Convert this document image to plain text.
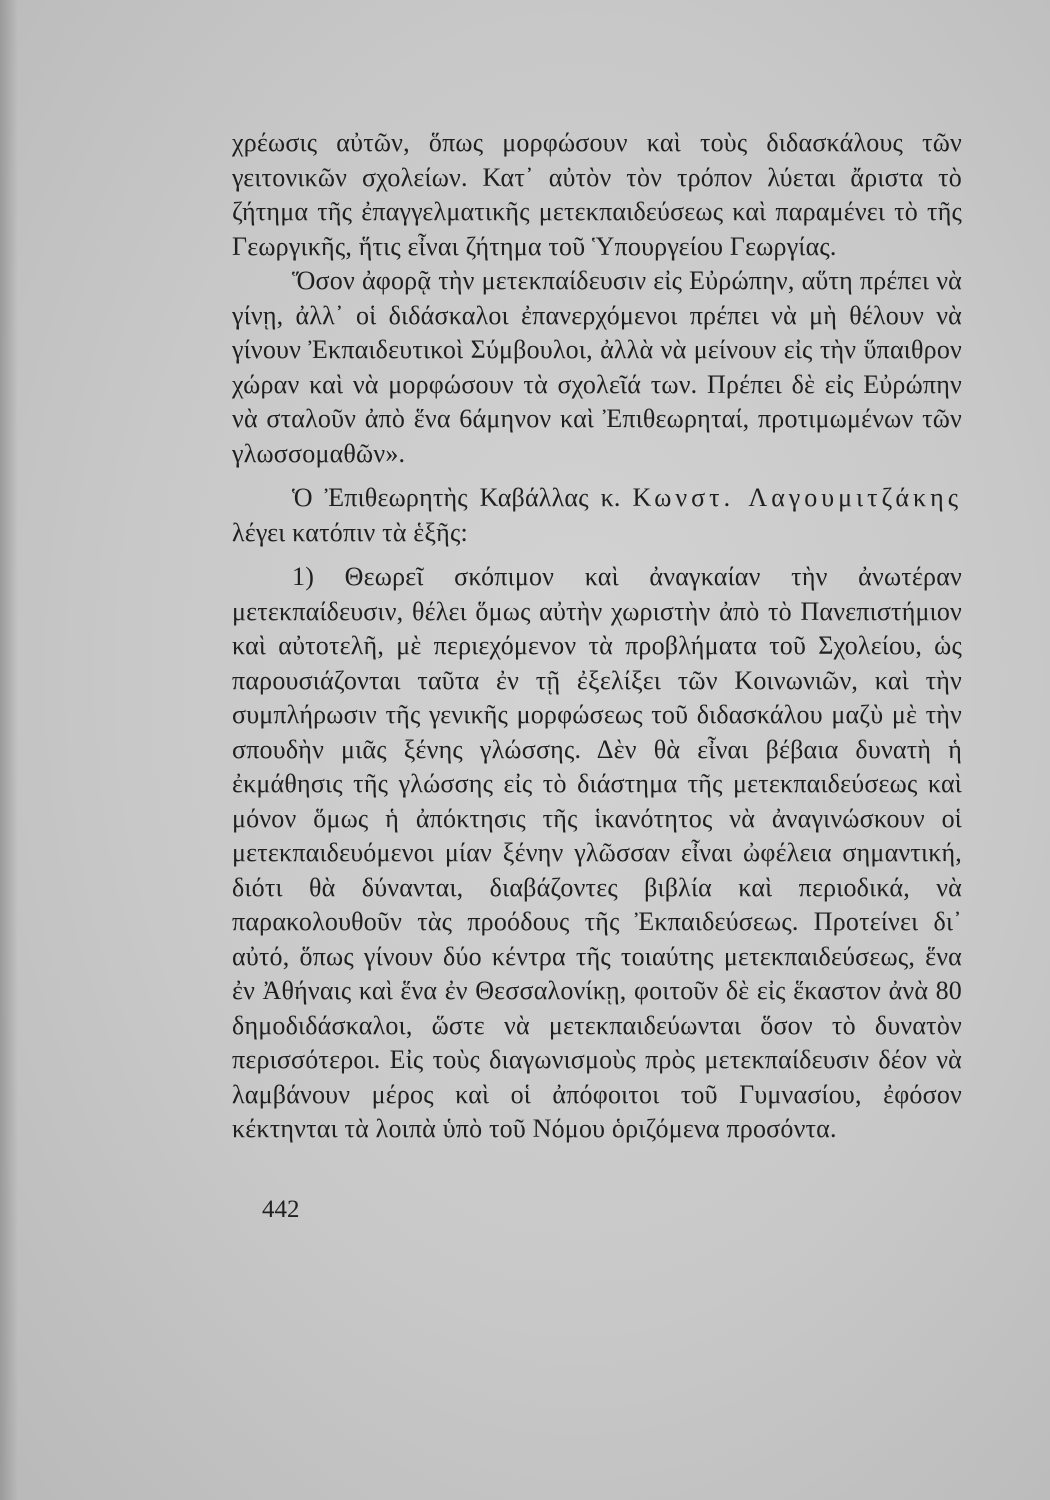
χρέωσις αὐτῶν, ὅπως μορφώσουν καὶ τοὺς διδασκάλους τῶν γειτονικῶν σχολείων. Κατ᾿ αὐτὸν τὸν τρόπον λύεται ἄριστα τὸ ζήτημα τῆς ἐπαγγελματικῆς μετεκπαιδεύσεως καὶ παραμένει τὸ τῆς Γεωργικῆς, ἥτις εἶναι ζήτημα τοῦ Ὑπουργείου Γεωργίας.

Ὅσον ἀφορᾷ τὴν μετεκπαίδευσιν εἰς Εὐρώπην, αὕτη πρέπει νὰ γίνῃ, ἀλλ᾿ οἱ διδάσκαλοι ἐπανερχόμενοι πρέπει νὰ μὴ θέλουν νὰ γίνουν Ἐκπαιδευτικοὶ Σύμβουλοι, ἀλλὰ νὰ μείνουν εἰς τὴν ὕπαιθρον χώραν καὶ νὰ μορφώσουν τὰ σχολεῖά των. Πρέπει δὲ εἰς Εὐρώπην νὰ σταλοῦν ἀπὸ ἕνα 6άμηνον καὶ Ἐπιθεωρηταί, προτιμωμένων τῶν γλωσσομαθῶν».

Ὁ Ἐπιθεωρητὴς Καβάλλας κ. Κωνστ. Λαγουμιτζάκης λέγει κατόπιν τὰ ἑξῆς:

1) Θεωρεῖ σκόπιμον καὶ ἀναγκαίαν τὴν ἀνωτέραν μετεκπαίδευσιν, θέλει ὅμως αὐτὴν χωριστὴν ἀπὸ τὸ Πανεπιστήμιον καὶ αὐτοτελῆ, μὲ περιεχόμενον τὰ προβλήματα τοῦ Σχολείου, ὡς παρουσιάζονται ταῦτα ἐν τῇ ἐξελίξει τῶν Κοινωνιῶν, καὶ τὴν συμπλήρωσιν τῆς γενικῆς μορφώσεως τοῦ διδασκάλου μαζὺ μὲ τὴν σπουδὴν μιᾶς ξένης γλώσσης. Δὲν θὰ εἶναι βέβαια δυνατὴ ἡ ἐκμάθησις τῆς γλώσσης εἰς τὸ διάστημα τῆς μετεκπαιδεύσεως καὶ μόνον ὅμως ἡ ἀπόκτησις τῆς ἱκανότητος νὰ ἀναγινώσκουν οἱ μετεκπαιδευόμενοι μίαν ξένην γλῶσσαν εἶναι ὠφέλεια σημαντική, διότι θὰ δύνανται, διαβάζοντες βιβλία καὶ περιοδικά, νὰ παρακολουθοῦν τὰς προόδους τῆς Ἐκπαιδεύσεως. Προτείνει δι᾿ αὐτό, ὅπως γίνουν δύο κέντρα τῆς τοιαύτης μετεκπαιδεύσεως, ἕνα ἐν Ἀθήναις καὶ ἕνα ἐν Θεσσαλονίκῃ, φοιτοῦν δὲ εἰς ἕκαστον ἀνὰ 80 δημοδιδάσκαλοι, ὥστε νὰ μετεκπαιδεύωνται ὅσον τὸ δυνατὸν περισσότεροι. Εἰς τοὺς διαγωνισμοὺς πρὸς μετεκπαίδευσιν δέον νὰ λαμβάνουν μέρος καὶ οἱ ἀπόφοιτοι τοῦ Γυμνασίου, ἐφόσον κέκτηνται τὰ λοιπὰ ὑπὸ τοῦ Νόμου ὁριζόμενα προσόντα.

442
